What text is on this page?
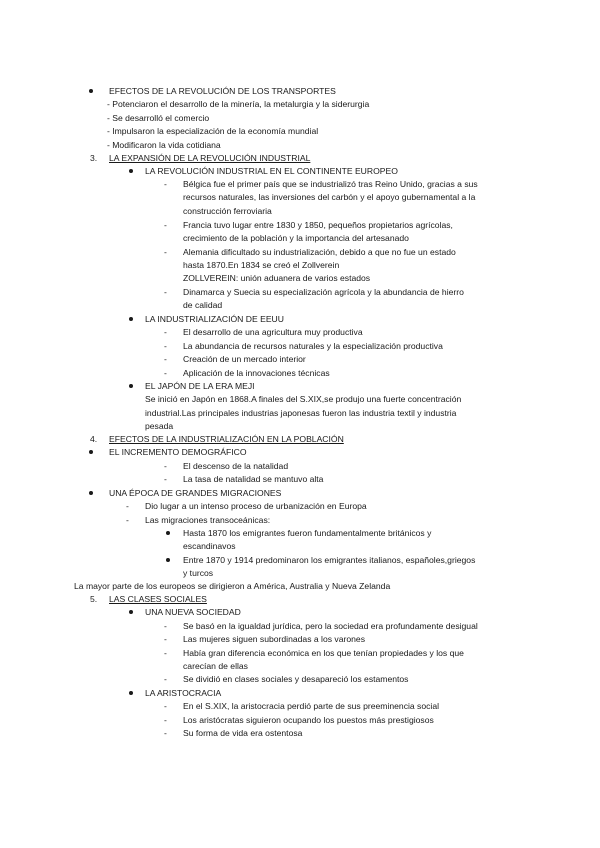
EFECTOS DE LA REVOLUCIÓN DE LOS TRANSPORTES
- Potenciaron el desarrollo de la minería, la metalurgia y la siderurgia
- Se desarrolló el comercio
- Impulsaron la especialización de la economía mundial
- Modificaron la vida cotidiana
3. LA EXPANSIÓN DE LA REVOLUCIÓN INDUSTRIAL
LA REVOLUCIÓN INDUSTRIAL EN EL CONTINENTE EUROPEO
- Bélgica fue el primer país que se industrializó tras Reino Unido, gracias a sus
recursos naturales, las inversiones del carbón y el apoyo gubernamental a la
construcción ferroviaria
- Francia tuvo lugar entre 1830 y 1850, pequeños propietarios agrícolas,
crecimiento de la población y la importancia del artesanado
- Alemania dificultado su industrialización, debido a que no fue un estado
hasta 1870.En 1834 se creó el Zollverein
ZOLLVEREIN: unión aduanera de varios estados
- Dinamarca y Suecia su especialización agrícola y la abundancia de hierro
de calidad
LA INDUSTRIALIZACIÓN DE EEUU
- El desarrollo de una agricultura muy productiva
- La abundancia de recursos naturales y la especialización productiva
- Creación de un mercado interior
- Aplicación de la innovaciones técnicas
EL JAPÓN DE LA ERA MEJI
Se inició en Japón en 1868.A finales del S.XIX,se produjo una fuerte concentración
industrial.Las principales industrias japonesas fueron las industria textil y industria
pesada
4. EFECTOS DE LA INDUSTRIALIZACIÓN EN LA POBLACIÓN
EL INCREMENTO DEMOGRÁFICO
- El descenso de la natalidad
- La tasa de natalidad se mantuvo alta
UNA ÉPOCA DE GRANDES MIGRACIONES
- Dio lugar a un intenso proceso de urbanización en Europa
- Las migraciones transoceánicas:
Hasta 1870 los emigrantes fueron fundamentalmente británicos y
escandinavos
Entre 1870 y 1914 predominaron los emigrantes italianos, españoles,griegos
y turcos
La mayor parte de los europeos se dirigieron a América, Australia y Nueva Zelanda
5. LAS CLASES SOCIALES
UNA NUEVA SOCIEDAD
- Se basó en la igualdad jurídica, pero la sociedad era profundamente desigual
- Las mujeres siguen subordinadas a los varones
- Había gran diferencia económica en los que tenían propiedades y los que
carecían de ellas
- Se dividió en clases sociales y desapareció los estamentos
LA ARISTOCRACIA
- En el S.XIX, la aristocracia perdió parte de sus preeminencia social
- Los aristócratas siguieron ocupando los puestos más prestigiosos
- Su forma de vida era ostentosa
